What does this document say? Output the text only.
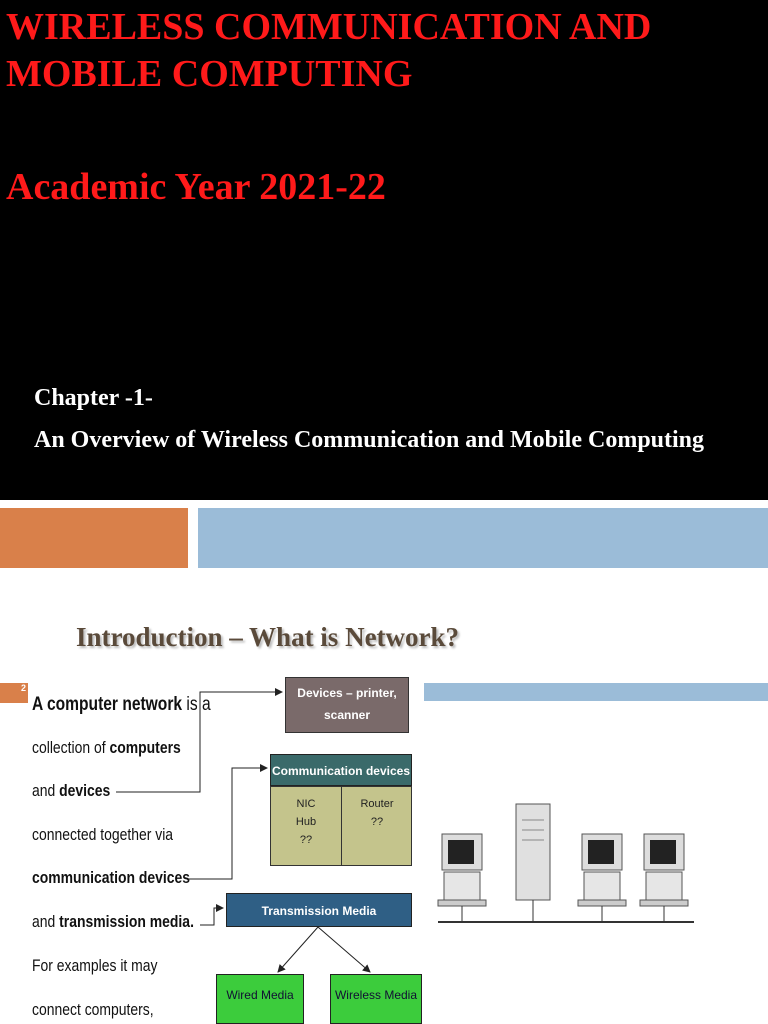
WIRELESS COMMUNICATION AND MOBILE COMPUTING
Academic Year 2021-22
Chapter -1-
An Overview of Wireless Communication and Mobile Computing
Introduction – What is Network?
2
A computer network is a
collection of computers
and devices
connected together via
communication devices
and transmission media.
For examples it may
connect computers,
Devices – printer,
scanner
Communication devices
NIC
Hub
??
Router
??
Transmission Media
Wired Media	Wireless Media
